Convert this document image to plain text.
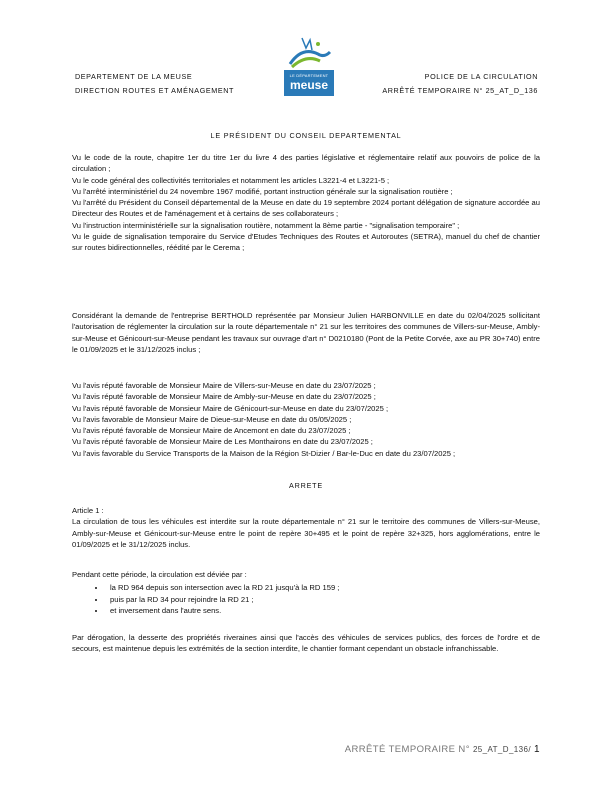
DEPARTEMENT DE LA MEUSE
DIRECTION ROUTES ET AMÉNAGEMENT
LE DÉPARTEMENT
meuse
POLICE DE LA CIRCULATION
ARRÊTÉ TEMPORAIRE N° 25_AT_D_136
LE PRÉSIDENT DU CONSEIL DEPARTEMENTAL

Vu le code de la route, chapitre 1er du titre 1er du livre 4 des parties législative et réglementaire relatif aux pouvoirs de police de la circulation ;

Vu le code général des collectivités territoriales et notamment les articles L3221-4 et L3221-5 ;

Vu l'arrêté interministériel du 24 novembre 1967 modifié, portant instruction générale sur la signalisation routière ;

Vu l'arrêté du Président du Conseil départemental de la Meuse en date du 19 septembre 2024 portant délégation de signature accordée au Directeur des Routes et de l'aménagement et à certains de ses collaborateurs ;

Vu l'instruction interministérielle sur la signalisation routière, notamment la 8ème partie - "signalisation temporaire" ;

Vu le guide de signalisation temporaire du Service d'Etudes Techniques des Routes et Autoroutes (SETRA), manuel du chef de chantier sur routes bidirectionnelles, réédité par le Cerema ;

Considérant la demande de l'entreprise BERTHOLD représentée par Monsieur Julien HARBONVILLE en date du 02/04/2025 sollicitant l'autorisation de réglementer la circulation sur la route départementale n° 21 sur les territoires des communes de Villers-sur-Meuse, Ambly-sur-Meuse et Génicourt-sur-Meuse pendant les travaux sur ouvrage d'art n° D0210180 (Pont de la Petite Corvée, axe au PR 30+740) entre le 01/09/2025 et le 31/12/2025 inclus ;

Vu l'avis réputé favorable de Monsieur Maire de Villers-sur-Meuse en date du 23/07/2025 ;

Vu l'avis réputé favorable de Monsieur Maire de Ambly-sur-Meuse en date du 23/07/2025 ;

Vu l'avis réputé favorable de Monsieur Maire de Génicourt-sur-Meuse en date du 23/07/2025 ;

Vu l'avis favorable de Monsieur Maire de Dieue-sur-Meuse en date du 05/05/2025 ;

Vu l'avis réputé favorable de Monsieur Maire de Ancemont en date du 23/07/2025 ;

Vu l'avis réputé favorable de Monsieur Maire de Les Monthairons en date du 23/07/2025 ;

Vu l'avis favorable du Service Transports de la Maison de la Région St-Dizier / Bar-le-Duc en date du 23/07/2025 ;

ARRETE

Article 1 :

La circulation de tous les véhicules est interdite sur la route départementale n° 21 sur le territoire des communes de Villers-sur-Meuse, Ambly-sur-Meuse et Génicourt-sur-Meuse entre le point de repère 30+495 et le point de repère 32+325, hors agglomérations, entre le 01/09/2025 et le 31/12/2025 inclus.

Pendant cette période, la circulation est déviée par :

• la RD 964 depuis son intersection avec la RD 21 jusqu'à la RD 159 ;
• puis par la RD 34 pour rejoindre la RD 21 ;
• et inversement dans l'autre sens.

Par dérogation, la desserte des propriétés riveraines ainsi que l'accès des véhicules de services publics, des forces de l'ordre et de secours, est maintenue depuis les extrémités de la section interdite, le chantier formant cependant un obstacle infranchissable.

ARRÊTÉ TEMPORAIRE N° 25_AT_D_136/ 1
